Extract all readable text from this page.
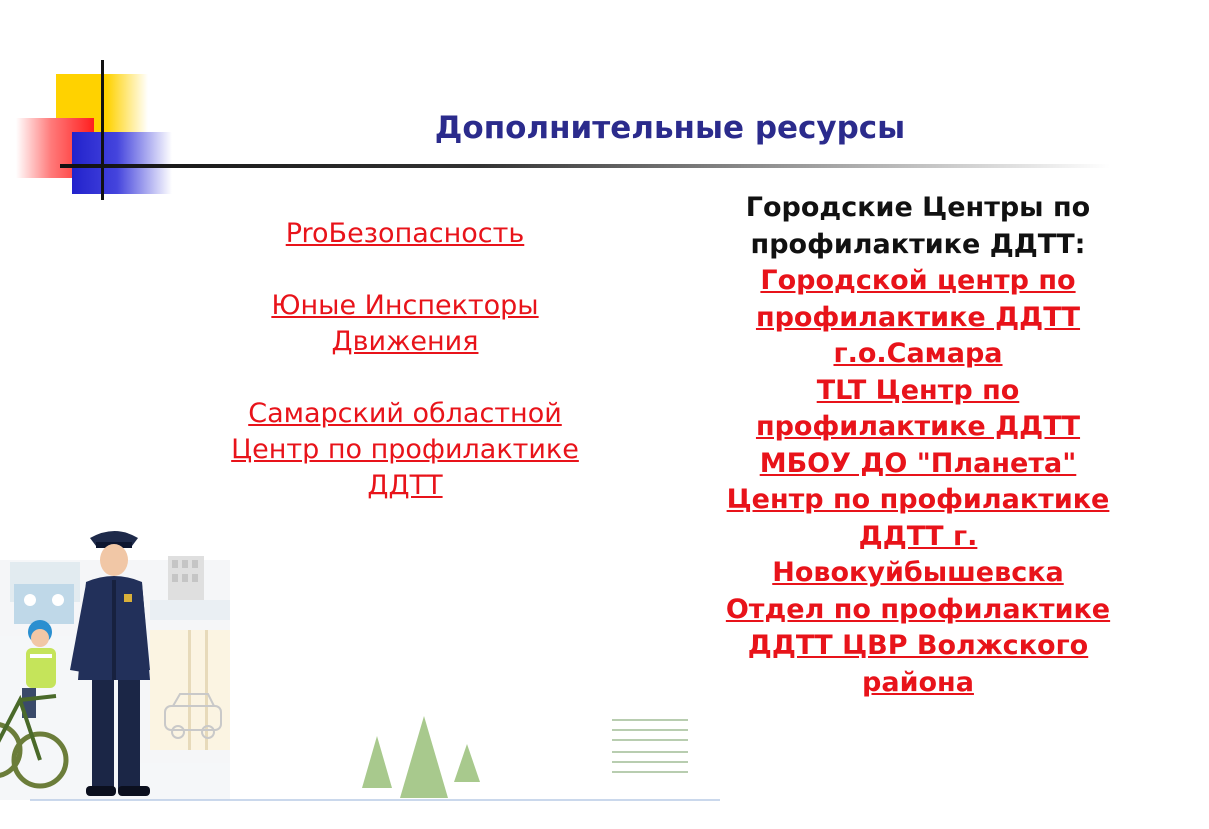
Дополнительные ресурсы
ProБезопасность
Юные Инспекторы Движения
Самарский областной Центр по профилактике ДДТТ
Городские Центры по профилактике ДДТТ:
Городской центр по профилактике ДДТТ г.о.Самара
TLT Центр по профилактике ДДТТ
МБОУ ДО "Планета" Центр по профилактике ДДТТ г. Новокуйбышевска
Отдел по профилактике ДДТТ ЦВР Волжского района
